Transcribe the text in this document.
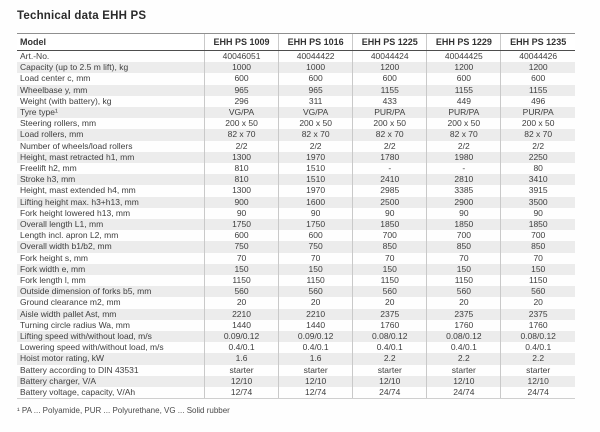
Technical data EHH PS
Model	EHH PS 1009	EHH PS 1016	EHH PS 1225	EHH PS 1229	EHH PS 1235
Art.-No.	40046051	40044422	40044424	40044425	40044426
Capacity (up to 2.5 m lift), kg	1000	1000	1200	1200	1200
Load center c, mm	600	600	600	600	600
Wheelbase y, mm	965	965	1155	1155	1155
Weight (with battery), kg	296	311	433	449	496
Tyre type¹	VG/PA	VG/PA	PUR/PA	PUR/PA	PUR/PA
Steering rollers, mm	200 x 50	200 x 50	200 x 50	200 x 50	200 x 50
Load rollers, mm	82 x 70	82 x 70	82 x 70	82 x 70	82 x 70
Number of wheels/load rollers	2/2	2/2	2/2	2/2	2/2
Height, mast retracted h1, mm	1300	1970	1780	1980	2250
Freelift h2, mm	810	1510	-	-	80
Stroke h3, mm	810	1510	2410	2810	3410
Height, mast extended h4, mm	1300	1970	2985	3385	3915
Lifting height max. h3+h13, mm	900	1600	2500	2900	3500
Fork height lowered h13, mm	90	90	90	90	90
Overall length L1, mm	1750	1750	1850	1850	1850
Length incl. apron L2, mm	600	600	700	700	700
Overall width b1/b2, mm	750	750	850	850	850
Fork height s, mm	70	70	70	70	70
Fork width e, mm	150	150	150	150	150
Fork length l, mm	1150	1150	1150	1150	1150
Outside dimension of forks b5, mm	560	560	560	560	560
Ground clearance m2, mm	20	20	20	20	20
Aisle width pallet Ast, mm	2210	2210	2375	2375	2375
Turning circle radius Wa, mm	1440	1440	1760	1760	1760
Lifting speed with/without load, m/s	0.09/0.12	0.09/0.12	0.08/0.12	0.08/0.12	0.08/0.12
Lowering speed with/without load, m/s	0.4/0.1	0.4/0.1	0.4/0.1	0.4/0.1	0.4/0.1
Hoist motor rating, kW	1.6	1.6	2.2	2.2	2.2
Battery according to DIN 43531	starter	starter	starter	starter	starter
Battery charger, V/A	12/10	12/10	12/10	12/10	12/10
Battery voltage, capacity, V/Ah	12/74	12/74	24/74	24/74	24/74

¹ PA ... Polyamide, PUR ... Polyurethane, VG ... Solid rubber
